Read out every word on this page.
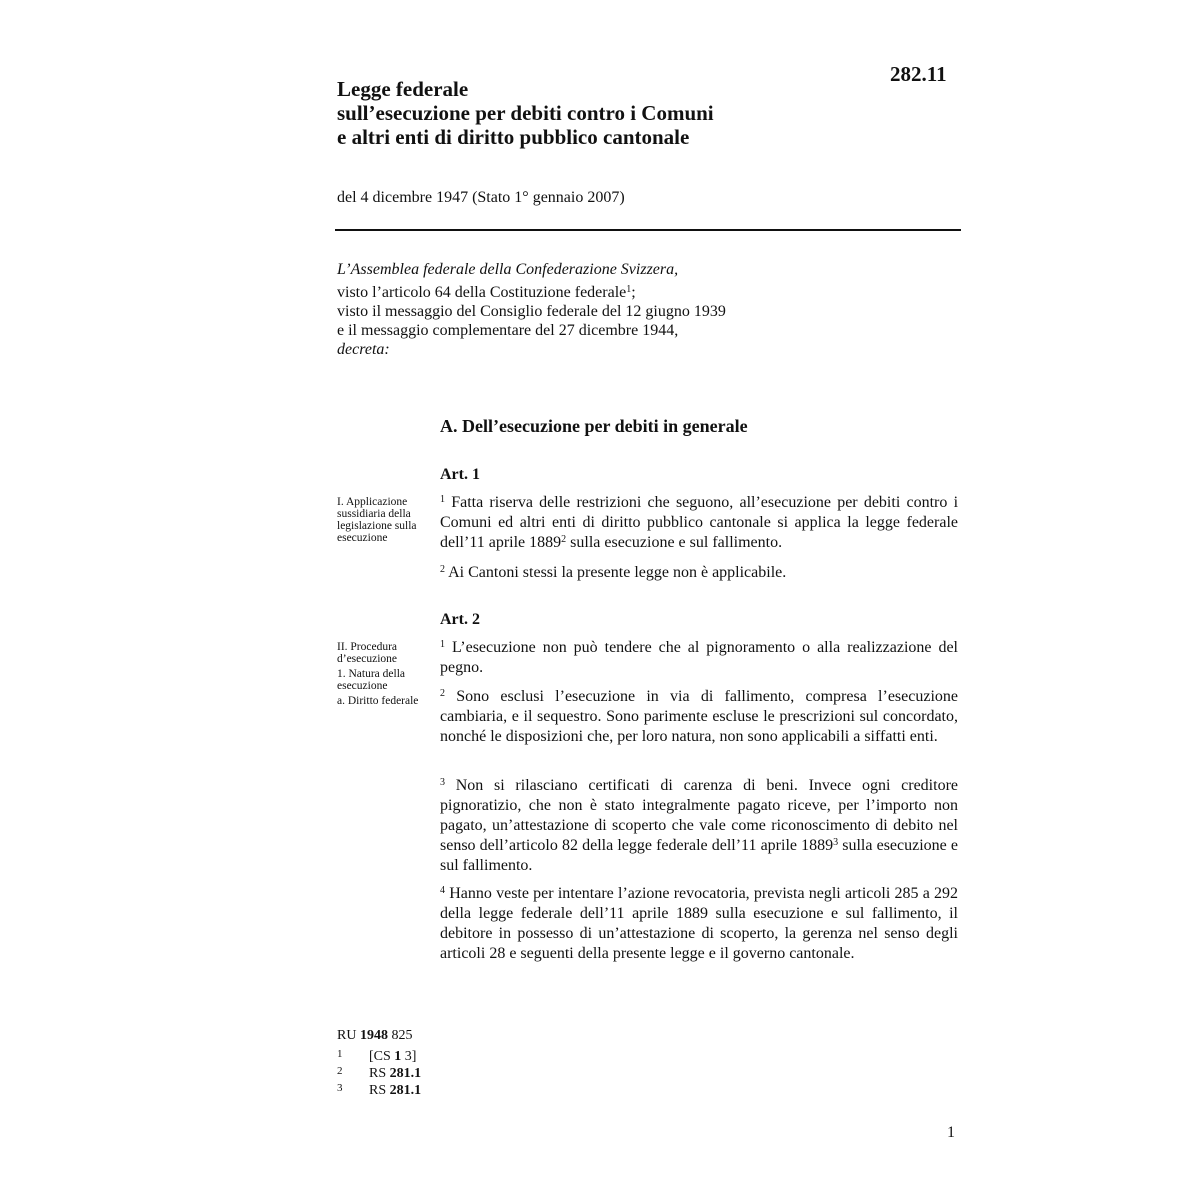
282.11
Legge federale
sull’esecuzione per debiti contro i Comuni
e altri enti di diritto pubblico cantonale
del 4 dicembre 1947 (Stato 1° gennaio 2007)
L’Assemblea federale della Confederazione Svizzera,
visto l’articolo 64 della Costituzione federale$^1$;
visto il messaggio del Consiglio federale del 12 giugno 1939
e il messaggio complementare del 27 dicembre 1944,
decreta:
A. Dell’esecuzione per debiti in generale
Art. 1
I. Applicazione sussidiaria della legislazione sulla esecuzione
$^1$ Fatta riserva delle restrizioni che seguono, all’esecuzione per debiti contro i Comuni ed altri enti di diritto pubblico cantonale si applica la legge federale dell’11 aprile 1889$^2$ sulla esecuzione e sul fallimento.
$^2$ Ai Cantoni stessi la presente legge non è applicabile.
Art. 2
II. Procedura d’esecuzione
1. Natura della esecuzione
a. Diritto federale
$^1$ L’esecuzione non può tendere che al pignoramento o alla realizzazione del pegno.
$^2$ Sono esclusi l’esecuzione in via di fallimento, compresa l’esecuzione cambiaria, e il sequestro. Sono parimente escluse le prescrizioni sul concordato, nonché le disposizioni che, per loro natura, non sono applicabili a siffatti enti.
$^3$ Non si rilasciano certificati di carenza di beni. Invece ogni creditore pignoratizio, che non è stato integralmente pagato riceve, per l’importo non pagato, un’attestazione di scoperto che vale come riconoscimento di debito nel senso dell’articolo 82 della legge federale dell’11 aprile 1889$^3$ sulla esecuzione e sul fallimento.
$^4$ Hanno veste per intentare l’azione revocatoria, prevista negli articoli 285 a 292 della legge federale dell’11 aprile 1889 sulla esecuzione e sul fallimento, il debitore in possesso di un’attestazione di scoperto, la gerenza nel senso degli articoli 28 e seguenti della presente legge e il governo cantonale.
RU 1948 825
1 [CS 1 3]
2 RS 281.1
3 RS 281.1
1
